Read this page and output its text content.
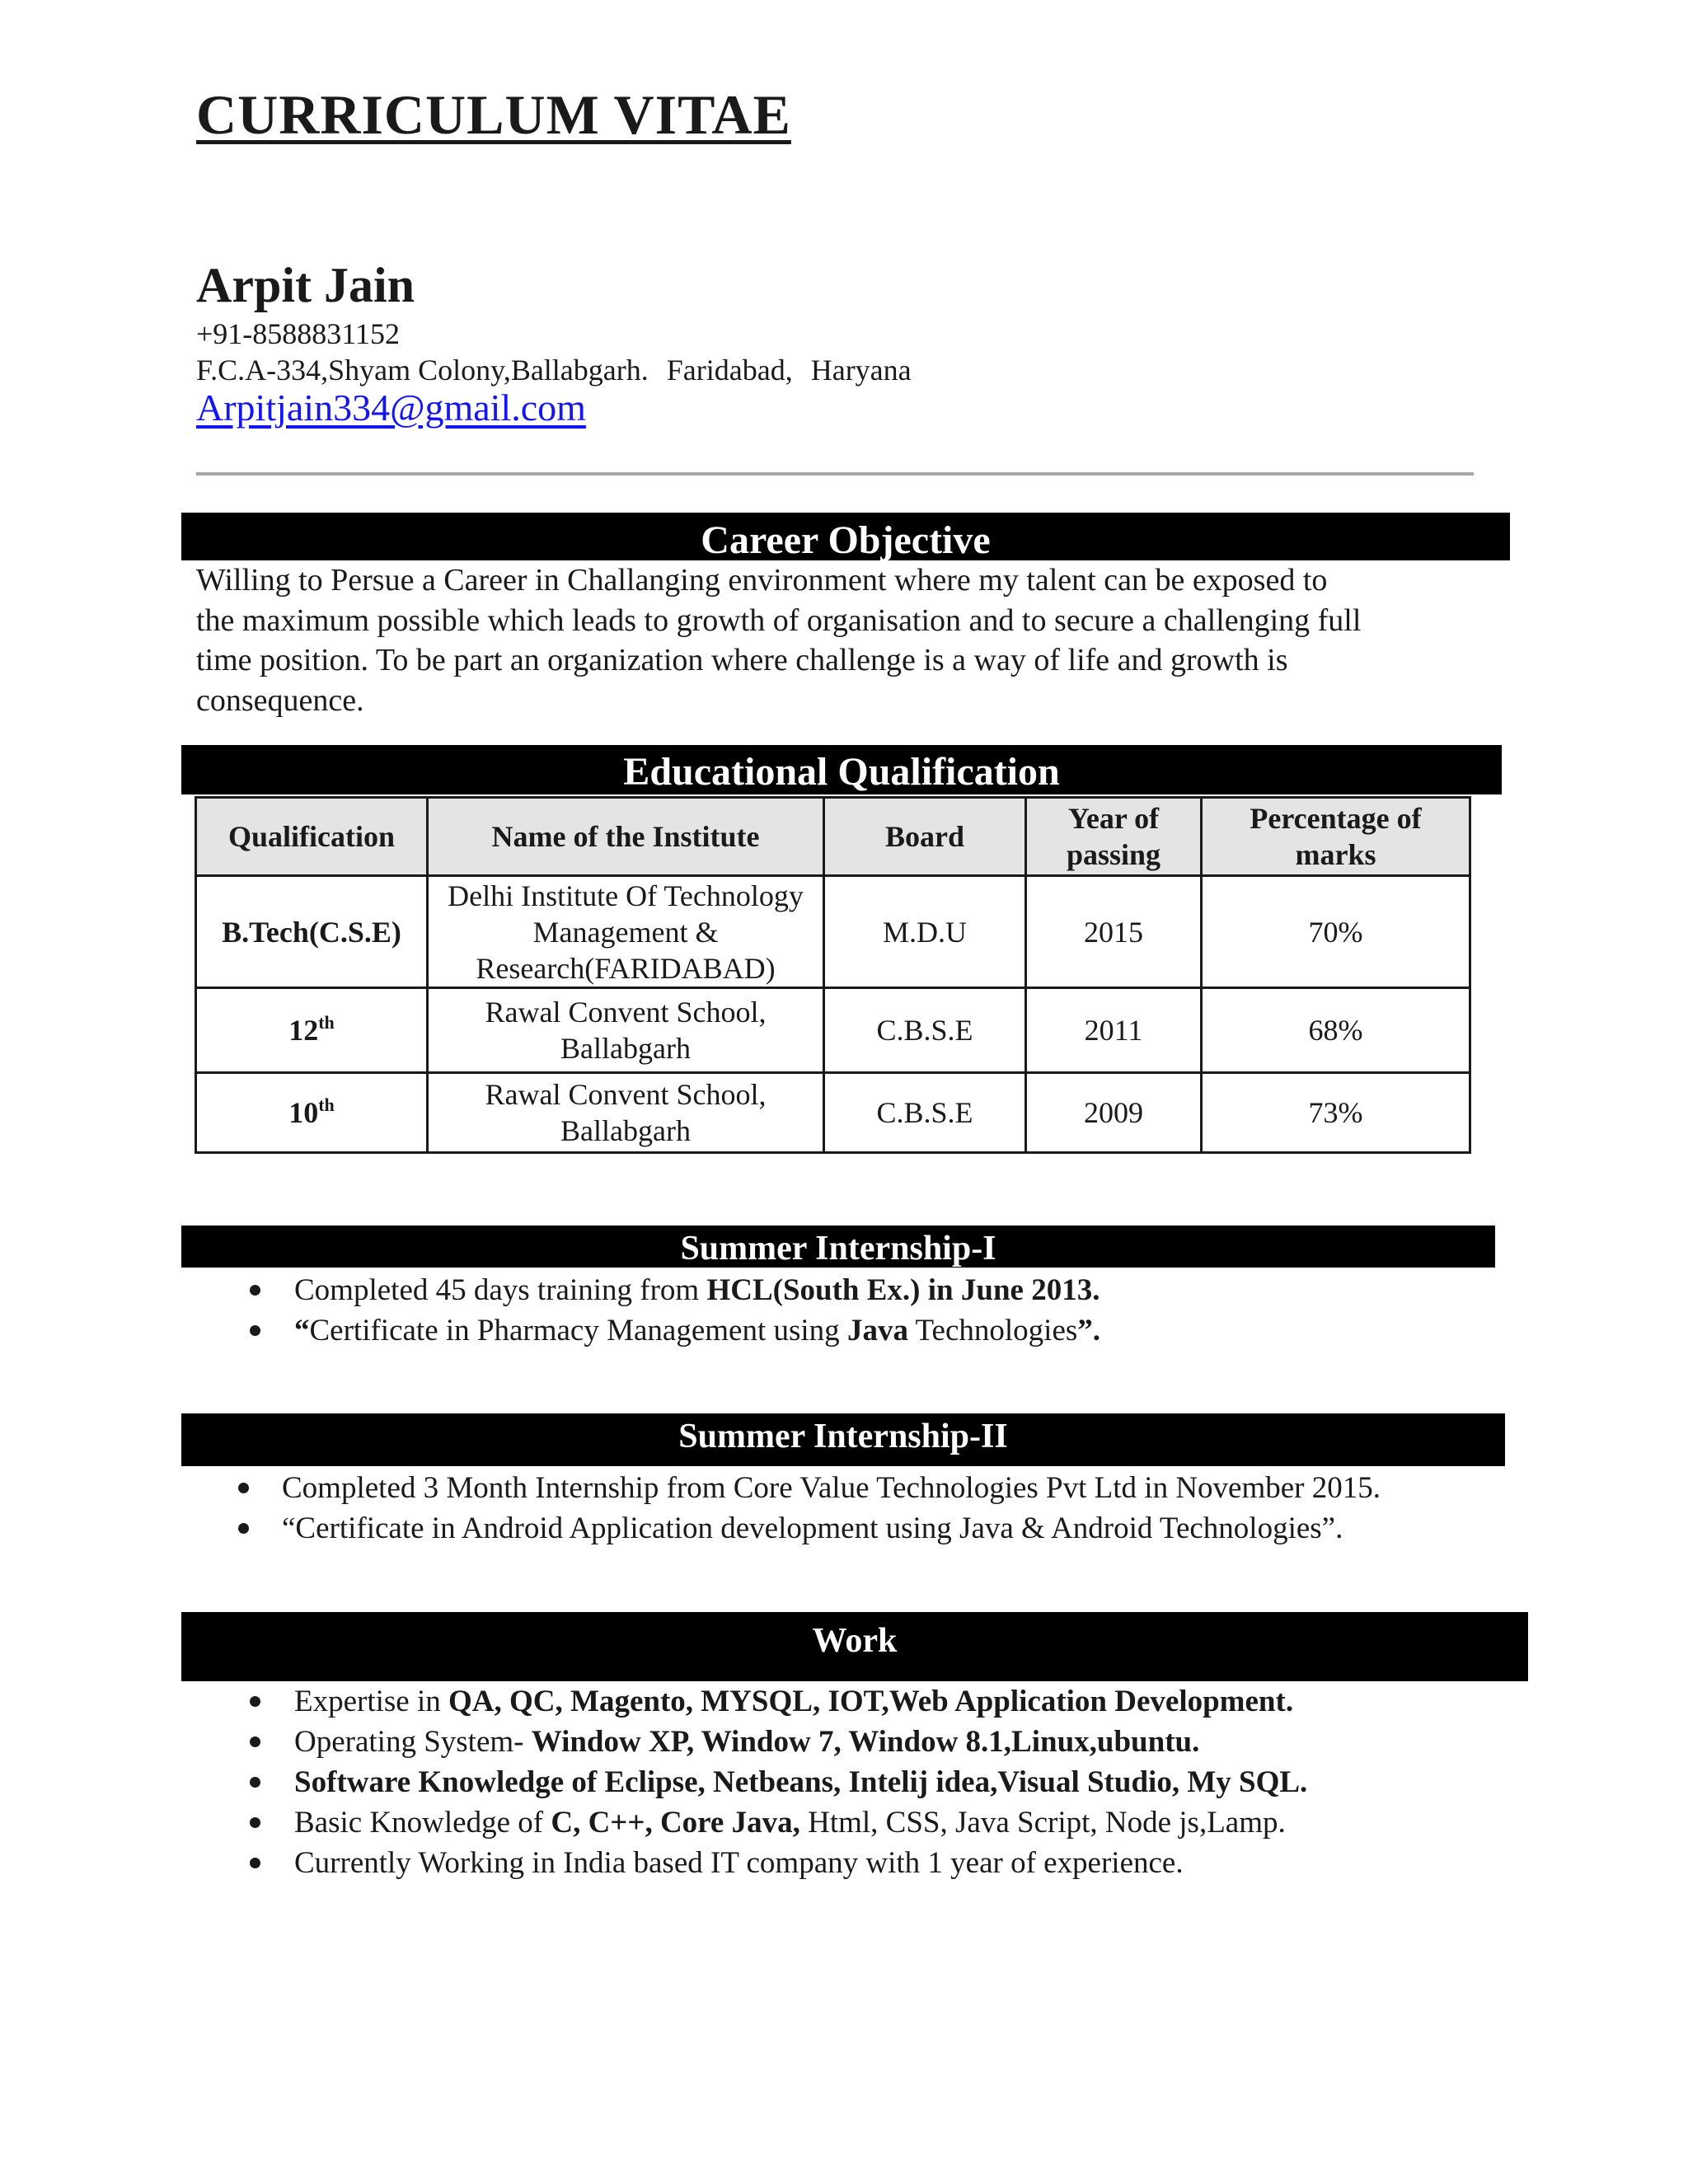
CURRICULUM VITAE
Arpit Jain
+91-8588831152
F.C.A-334,Shyam Colony,Ballabgarh. Faridabad, Haryana
Arpitjain334@gmail.com
Career Objective
Willing to Persue a Career in Challanging environment where my talent can be exposed to
the maximum possible which leads to growth of organisation and to secure a challenging full
time position. To be part an organization where challenge is a way of life and growth is
consequence.
Educational Qualification
Qualification	Name of the Institute	Board	Year of passing	Percentage of marks
B.Tech(C.S.E)	Delhi Institute Of Technology Management & Research(FARIDABAD)	M.D.U	2015	70%
12th	Rawal Convent School, Ballabgarh	C.B.S.E	2011	68%
10th	Rawal Convent School, Ballabgarh	C.B.S.E	2009	73%
Summer Internship-I
Completed 45 days training from HCL(South Ex.) in June 2013.
“Certificate in Pharmacy Management using Java Technologies”.
Summer Internship-II
Completed 3 Month Internship from Core Value Technologies Pvt Ltd in November 2015.
“Certificate in Android Application development using Java & Android Technologies”.
Work
Expertise in QA, QC, Magento, MYSQL, IOT,Web Application Development.
Operating System- Window XP, Window 7, Window 8.1,Linux,ubuntu.
Software Knowledge of Eclipse, Netbeans, Intelij idea,Visual Studio, My SQL.
Basic Knowledge of C, C++, Core Java, Html, CSS, Java Script, Node js,Lamp.
Currently Working in India based IT company with 1 year of experience.
